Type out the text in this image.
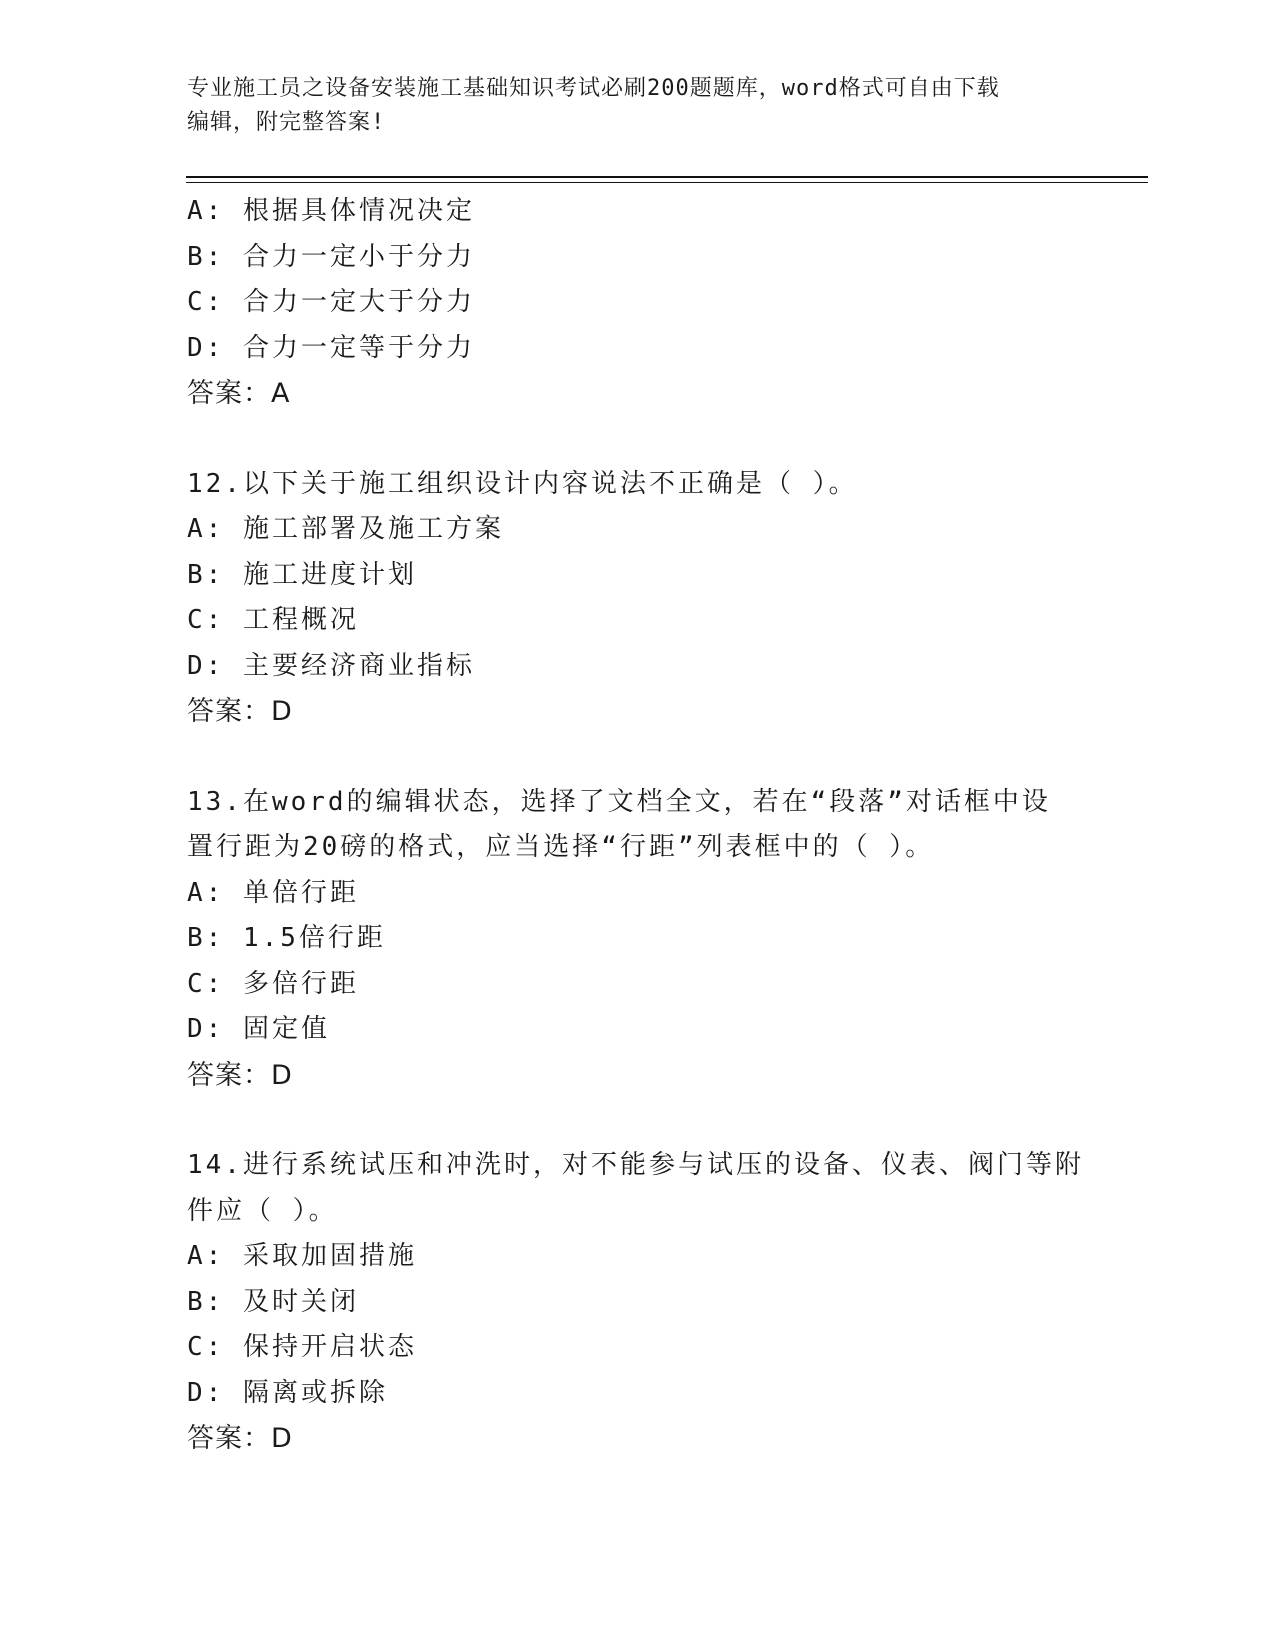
专业施工员之设备安装施工基础知识考试必刷200题题库，word格式可自由下载
编辑，附完整答案!
A: 根据具体情况决定
B: 合力一定小于分力
C: 合力一定大于分力
D: 合力一定等于分力
答案：A
12.以下关于施工组织设计内容说法不正确是（ ）。
A: 施工部署及施工方案
B: 施工进度计划
C: 工程概况
D: 主要经济商业指标
答案：D
13.在word的编辑状态，选择了文档全文，若在“段落”对话框中设
置行距为20磅的格式，应当选择“行距”列表框中的（ ）。
A: 单倍行距
B: 1.5倍行距
C: 多倍行距
D: 固定值
答案：D
14.进行系统试压和冲洗时，对不能参与试压的设备、仪表、阀门等附
件应（ ）。
A: 采取加固措施
B: 及时关闭
C: 保持开启状态
D: 隔离或拆除
答案：D
